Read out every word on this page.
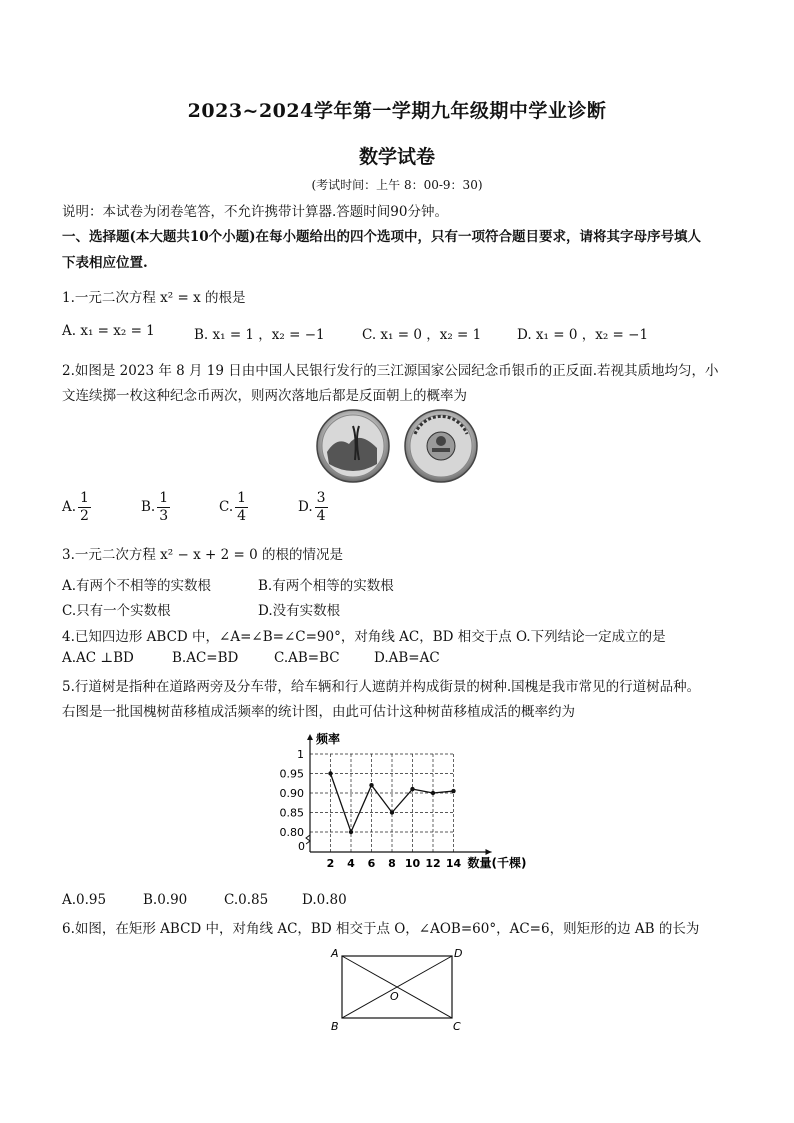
2023~2024学年第一学期九年级期中学业诊断
数学试卷
(考试时间：上午 8：00-9：30)
说明：本试卷为闭卷笔答，不允许携带计算器.答题时间90分钟。
一、选择题(本大题共10个小题)在每小题给出的四个选项中，只有一项符合题目要求，请将其字母序号填人
下表相应位置.
1.一元二次方程 x² = x 的根是
A. x₁ = x₂ = 1	B. x₁ = 1 ，x₂ = −1	C. x₁ = 0 ，x₂ = 1	D. x₁ = 0 ，x₂ = −1
2.如图是 2023 年 8 月 19 日由中国人民银行发行的三江源国家公园纪念币银币的正反面.若视其质地均匀，小
文连续掷一枚这种纪念币两次，则两次落地后都是反面朝上的概率为
A. $\frac{1}{2}$	B. $\frac{1}{3}$	C. $\frac{1}{4}$	D. $\frac{3}{4}$
3.一元二次方程 x² − x + 2 = 0 的根的情况是
A.有两个不相等的实数根	B.有两个相等的实数根
C.只有一个实数根	D.没有实数根
4.已知四边形 ABCD 中，∠A=∠B=∠C=90°，对角线 AC，BD 相交于点 O.下列结论一定成立的是
A.AC ⊥BD	B.AC=BD	C.AB=BC	D.AB=AC
5.行道树是指种在道路两旁及分车带，给车辆和行人遮荫并构成街景的树种.国槐是我市常见的行道树品种。
右图是一批国槐树苗移植成活频率的统计图，由此可估计这种树苗移植成活的概率约为
0.80
0.85
0.90
0.95
1
2 4 6 8 10 12 14
0
频率
数量(千棵)
A.0.95	B.0.90	C.0.85	D.0.80
6.如图，在矩形 ABCD 中，对角线 AC，BD 相交于点 O，∠AOB=60°，AC=6，则矩形的边 AB 的长为
A	D
B	C
O
